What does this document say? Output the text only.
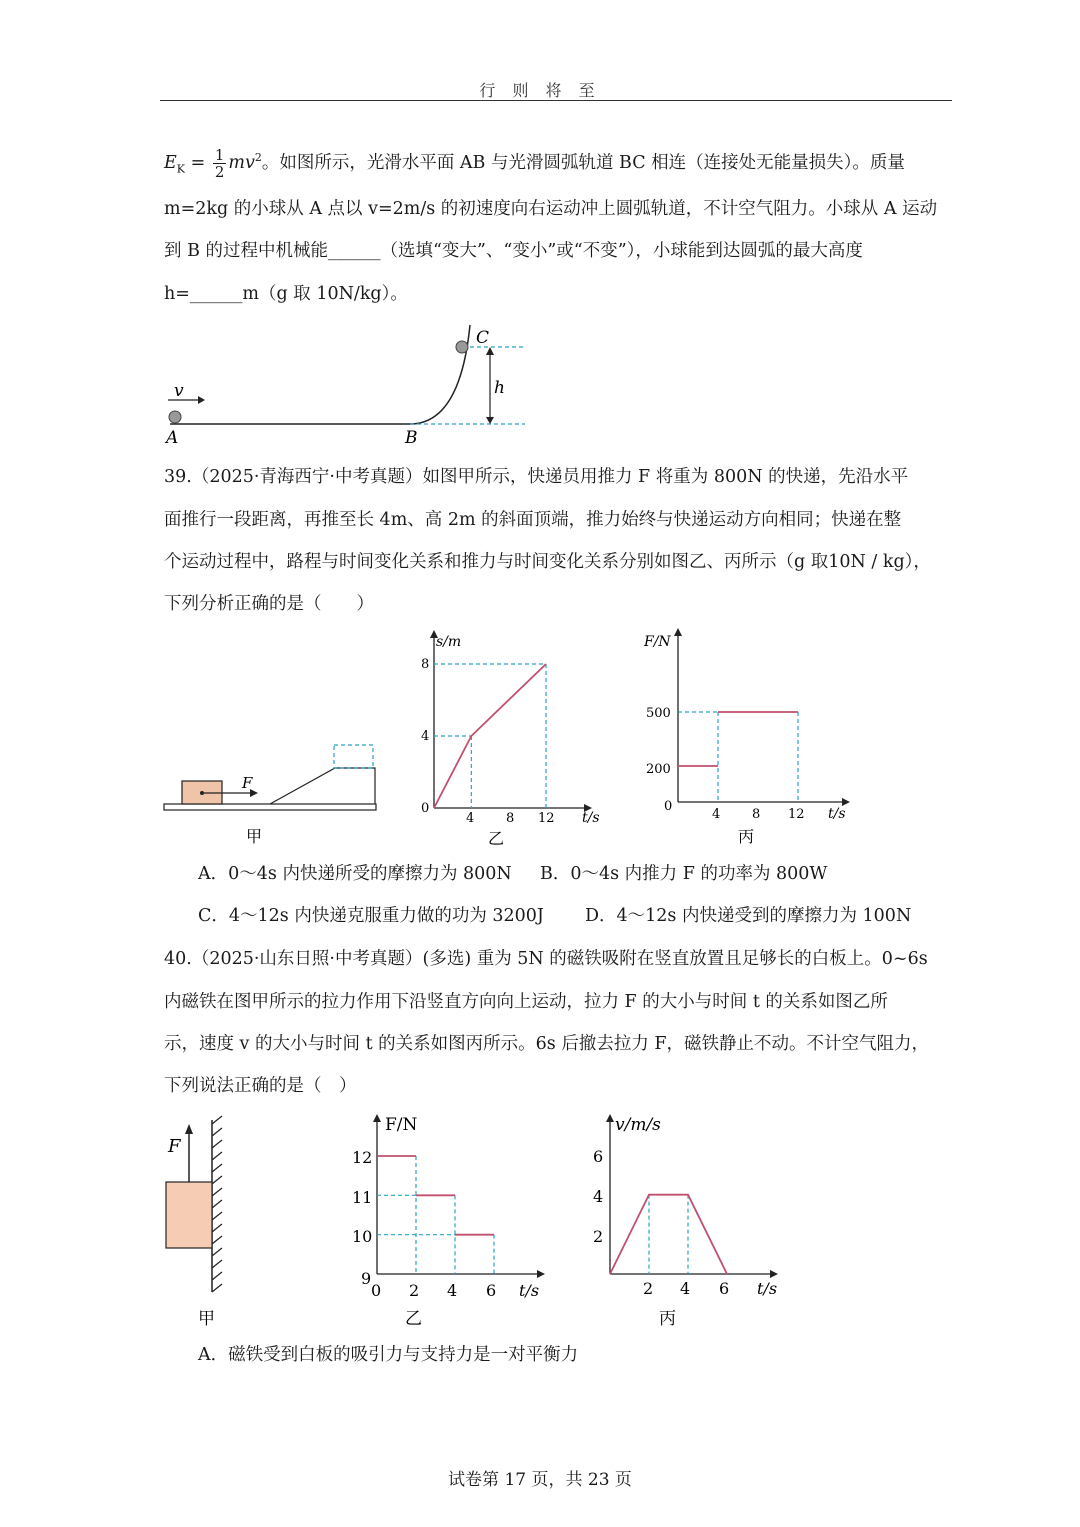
行 则 将 至
$E_K = \frac{1}{2} mv^2$。如图所示，光滑水平面 AB 与光滑圆弧轨道 BC 相连（连接处无能量损失）。质量
m=2kg 的小球从 A 点以 v=2m/s 的初速度向右运动冲上圆弧轨道，不计空气阻力。小球从 A 运动
到 B 的过程中机械能______（选填“变大”、“变小”或“不变”），小球能到达圆弧的最大高度
h=______m（g 取 10N/kg）。
v
A	B
C
h
39.（2025·青海西宁·中考真题）如图甲所示，快递员用推力 F 将重为 800N 的快递，先沿水平
面推行一段距离，再推至长 4m、高 2m 的斜面顶端，推力始终与快递运动方向相同；快递在整
个运动过程中，路程与时间变化关系和推力与时间变化关系分别如图乙、丙所示（g 取10N / kg），
下列分析正确的是（　　）
F
甲
s/m
t/s
8
4
0
4 8 12
乙
F/N
t/s
500
200
0
4 8 12
丙
A．0～4s 内快递所受的摩擦力为 800N B．0～4s 内推力 F 的功率为 800W
C．4～12s 内快递克服重力做的功为 3200J D．4～12s 内快递受到的摩擦力为 100N
40.（2025·山东日照·中考真题）(多选) 重为 5N 的磁铁吸附在竖直放置且足够长的白板上。0~6s
内磁铁在图甲所示的拉力作用下沿竖直方向向上运动，拉力 F 的大小与时间 t 的关系如图乙所
示，速度 v 的大小与时间 t 的关系如图丙所示。6s 后撤去拉力 F，磁铁静止不动。不计空气阻力，
下列说法正确的是（　）
F
甲
F/N
t/s
12
11
10
9
0 2 4 6
乙
v/m/s
t/s
6
4
2
2 4 6
丙
A．磁铁受到白板的吸引力与支持力是一对平衡力
试卷第 17 页，共 23 页
